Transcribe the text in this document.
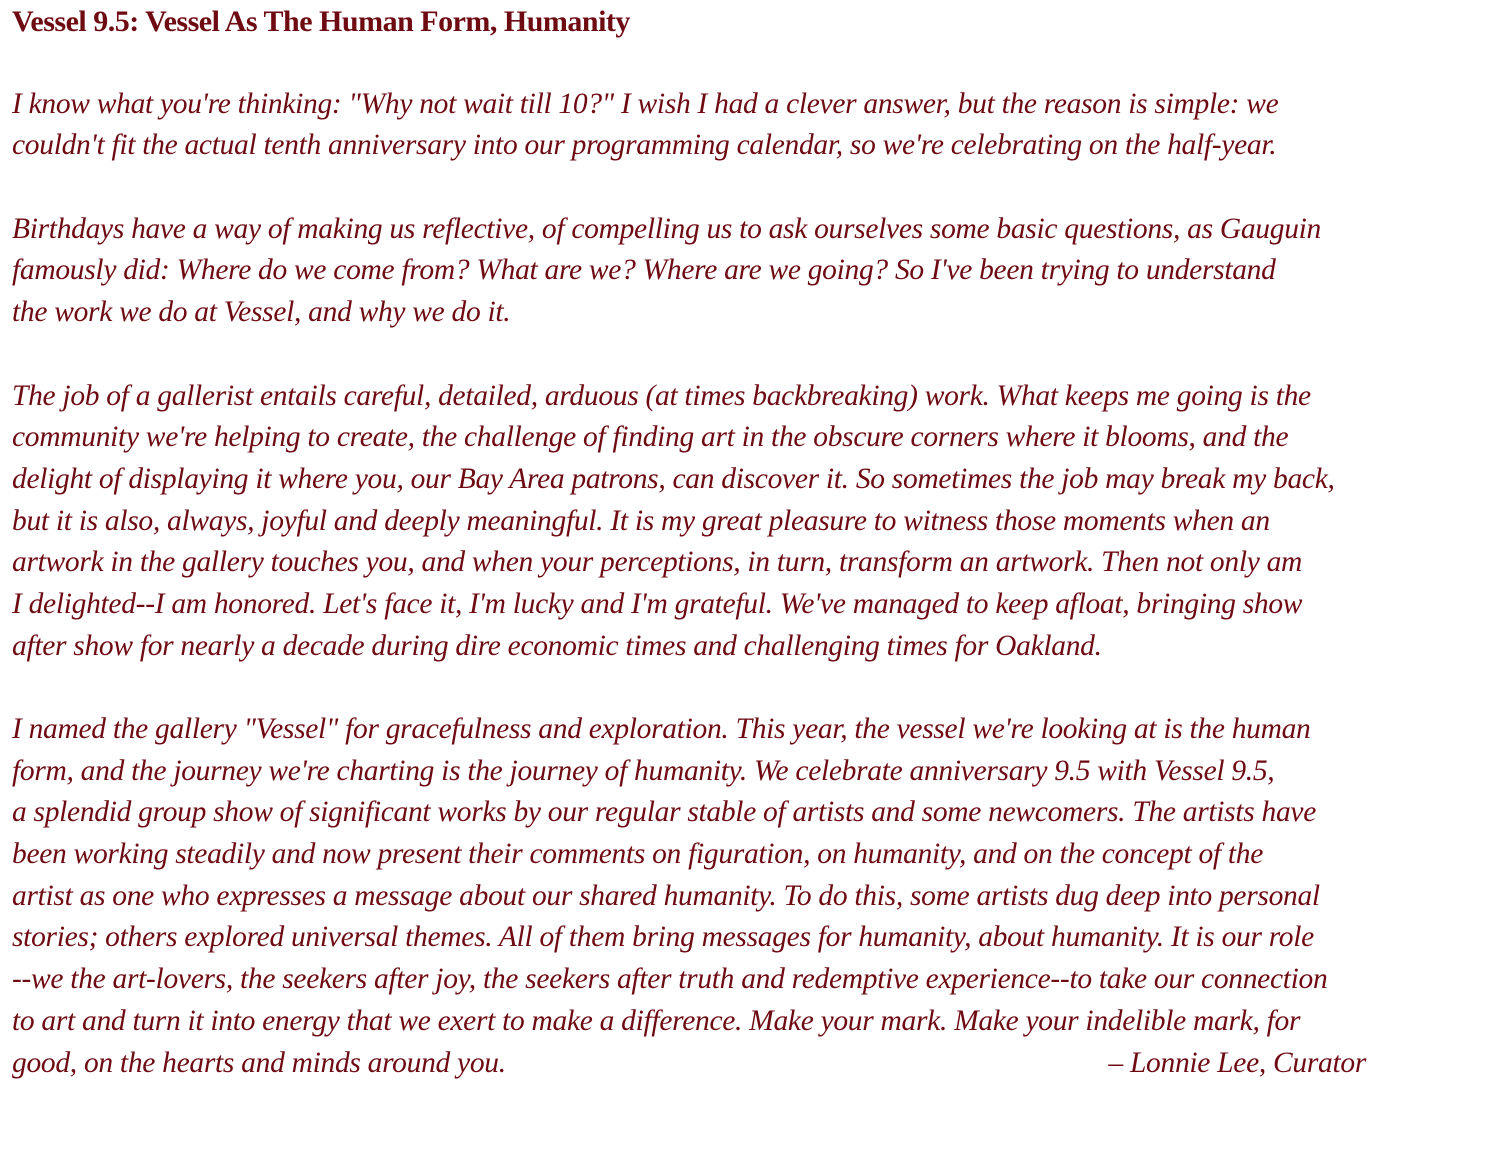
Vessel 9.5: Vessel As The Human Form, Humanity

I know what you're thinking: "Why not wait till 10?" I wish I had a clever answer, but the reason is simple: we
couldn't fit the actual tenth anniversary into our programming calendar, so we're celebrating on the half-year.

Birthdays have a way of making us reflective, of compelling us to ask ourselves some basic questions, as Gauguin
famously did: Where do we come from? What are we? Where are we going? So I've been trying to understand
the work we do at Vessel, and why we do it.

The job of a gallerist entails careful, detailed, arduous (at times backbreaking) work. What keeps me going is the
community we're helping to create, the challenge of finding art in the obscure corners where it blooms, and the
delight of displaying it where you, our Bay Area patrons, can discover it. So sometimes the job may break my back,
but it is also, always, joyful and deeply meaningful. It is my great pleasure to witness those moments when an
artwork in the gallery touches you, and when your perceptions, in turn, transform an artwork. Then not only am
I delighted--I am honored. Let's face it, I'm lucky and I'm grateful. We've managed to keep afloat, bringing show
after show for nearly a decade during dire economic times and challenging times for Oakland.

I named the gallery "Vessel" for gracefulness and exploration. This year, the vessel we're looking at is the human
form, and the journey we're charting is the journey of humanity. We celebrate anniversary 9.5 with Vessel 9.5,
a splendid group show of significant works by our regular stable of artists and some newcomers. The artists have
been working steadily and now present their comments on figuration, on humanity, and on the concept of the
artist as one who expresses a message about our shared humanity. To do this, some artists dug deep into personal
stories; others explored universal themes. All of them bring messages for humanity, about humanity. It is our role
--we the art-lovers, the seekers after joy, the seekers after truth and redemptive experience--to take our connection
to art and turn it into energy that we exert to make a difference. Make your mark. Make your indelible mark, for
good, on the hearts and minds around you.	– Lonnie Lee, Curator
